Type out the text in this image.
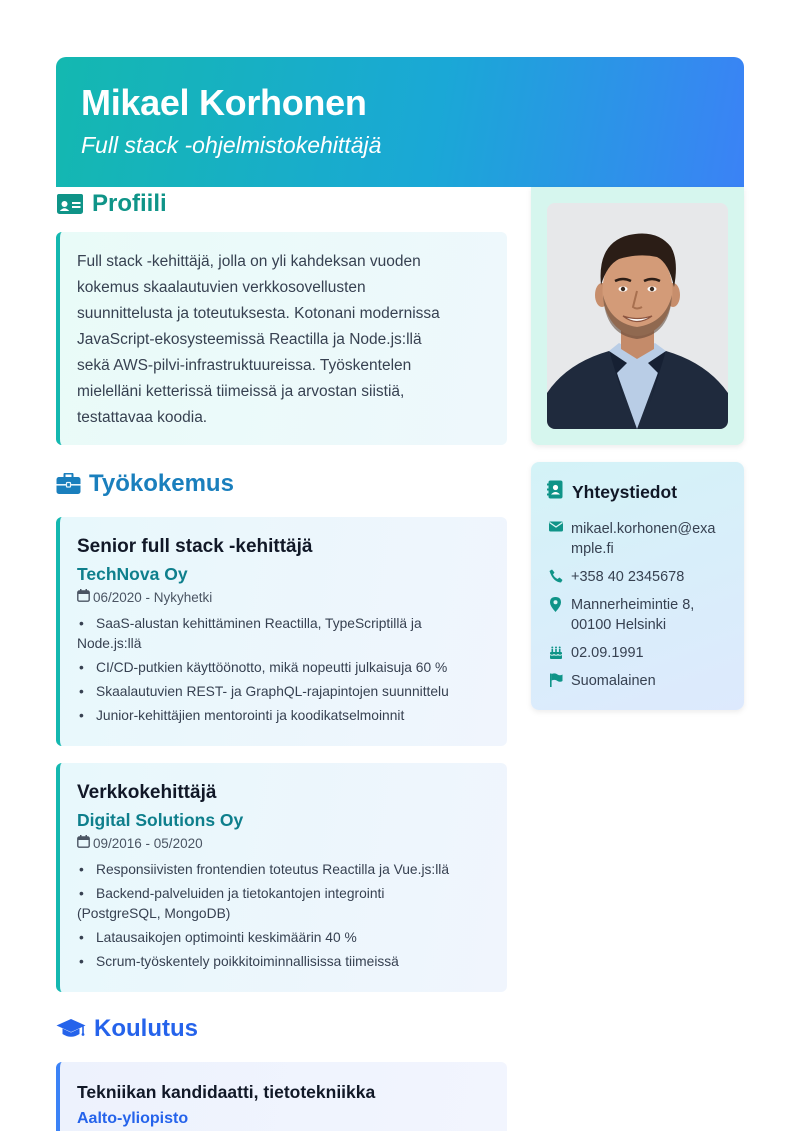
Mikael Korhonen
Full stack -ohjelmistokehittäjä
Profiili
Full stack -kehittäjä, jolla on yli kahdeksan vuoden
kokemus skaalautuvien verkkosovellusten
suunnittelusta ja toteutuksesta. Kotonani modernissa
JavaScript-ekosysteemissä Reactilla ja Node.js:llä
sekä AWS-pilvi-infrastruktuureissa. Työskentelen
mielelläni ketterissä tiimeissä ja arvostan siistiä,
testattavaa koodia.
Yhteystiedot
mikael.korhonen@exa
mple.fi
+358 40 2345678
Mannerheimintie 8,
00100 Helsinki
02.09.1991
Suomalainen
Työkokemus
Senior full stack -kehittäjä
TechNova Oy
06/2020 - Nykyhetki
• SaaS-alustan kehittäminen Reactilla, TypeScriptillä ja
Node.js:llä
• CI/CD-putkien käyttöönotto, mikä nopeutti julkaisuja 60 %
• Skaalautuvien REST- ja GraphQL-rajapintojen suunnittelu
• Junior-kehittäjien mentorointi ja koodikatselmoinnit
Verkkokehittäjä
Digital Solutions Oy
09/2016 - 05/2020
• Responsiivisten frontendien toteutus Reactilla ja Vue.js:llä
• Backend-palveluiden ja tietokantojen integrointi
(PostgreSQL, MongoDB)
• Latausaikojen optimointi keskimäärin 40 %
• Scrum-työskentely poikkitoiminnallisissa tiimeissä
Koulutus
Tekniikan kandidaatti, tietotekniikka
Aalto-yliopisto
